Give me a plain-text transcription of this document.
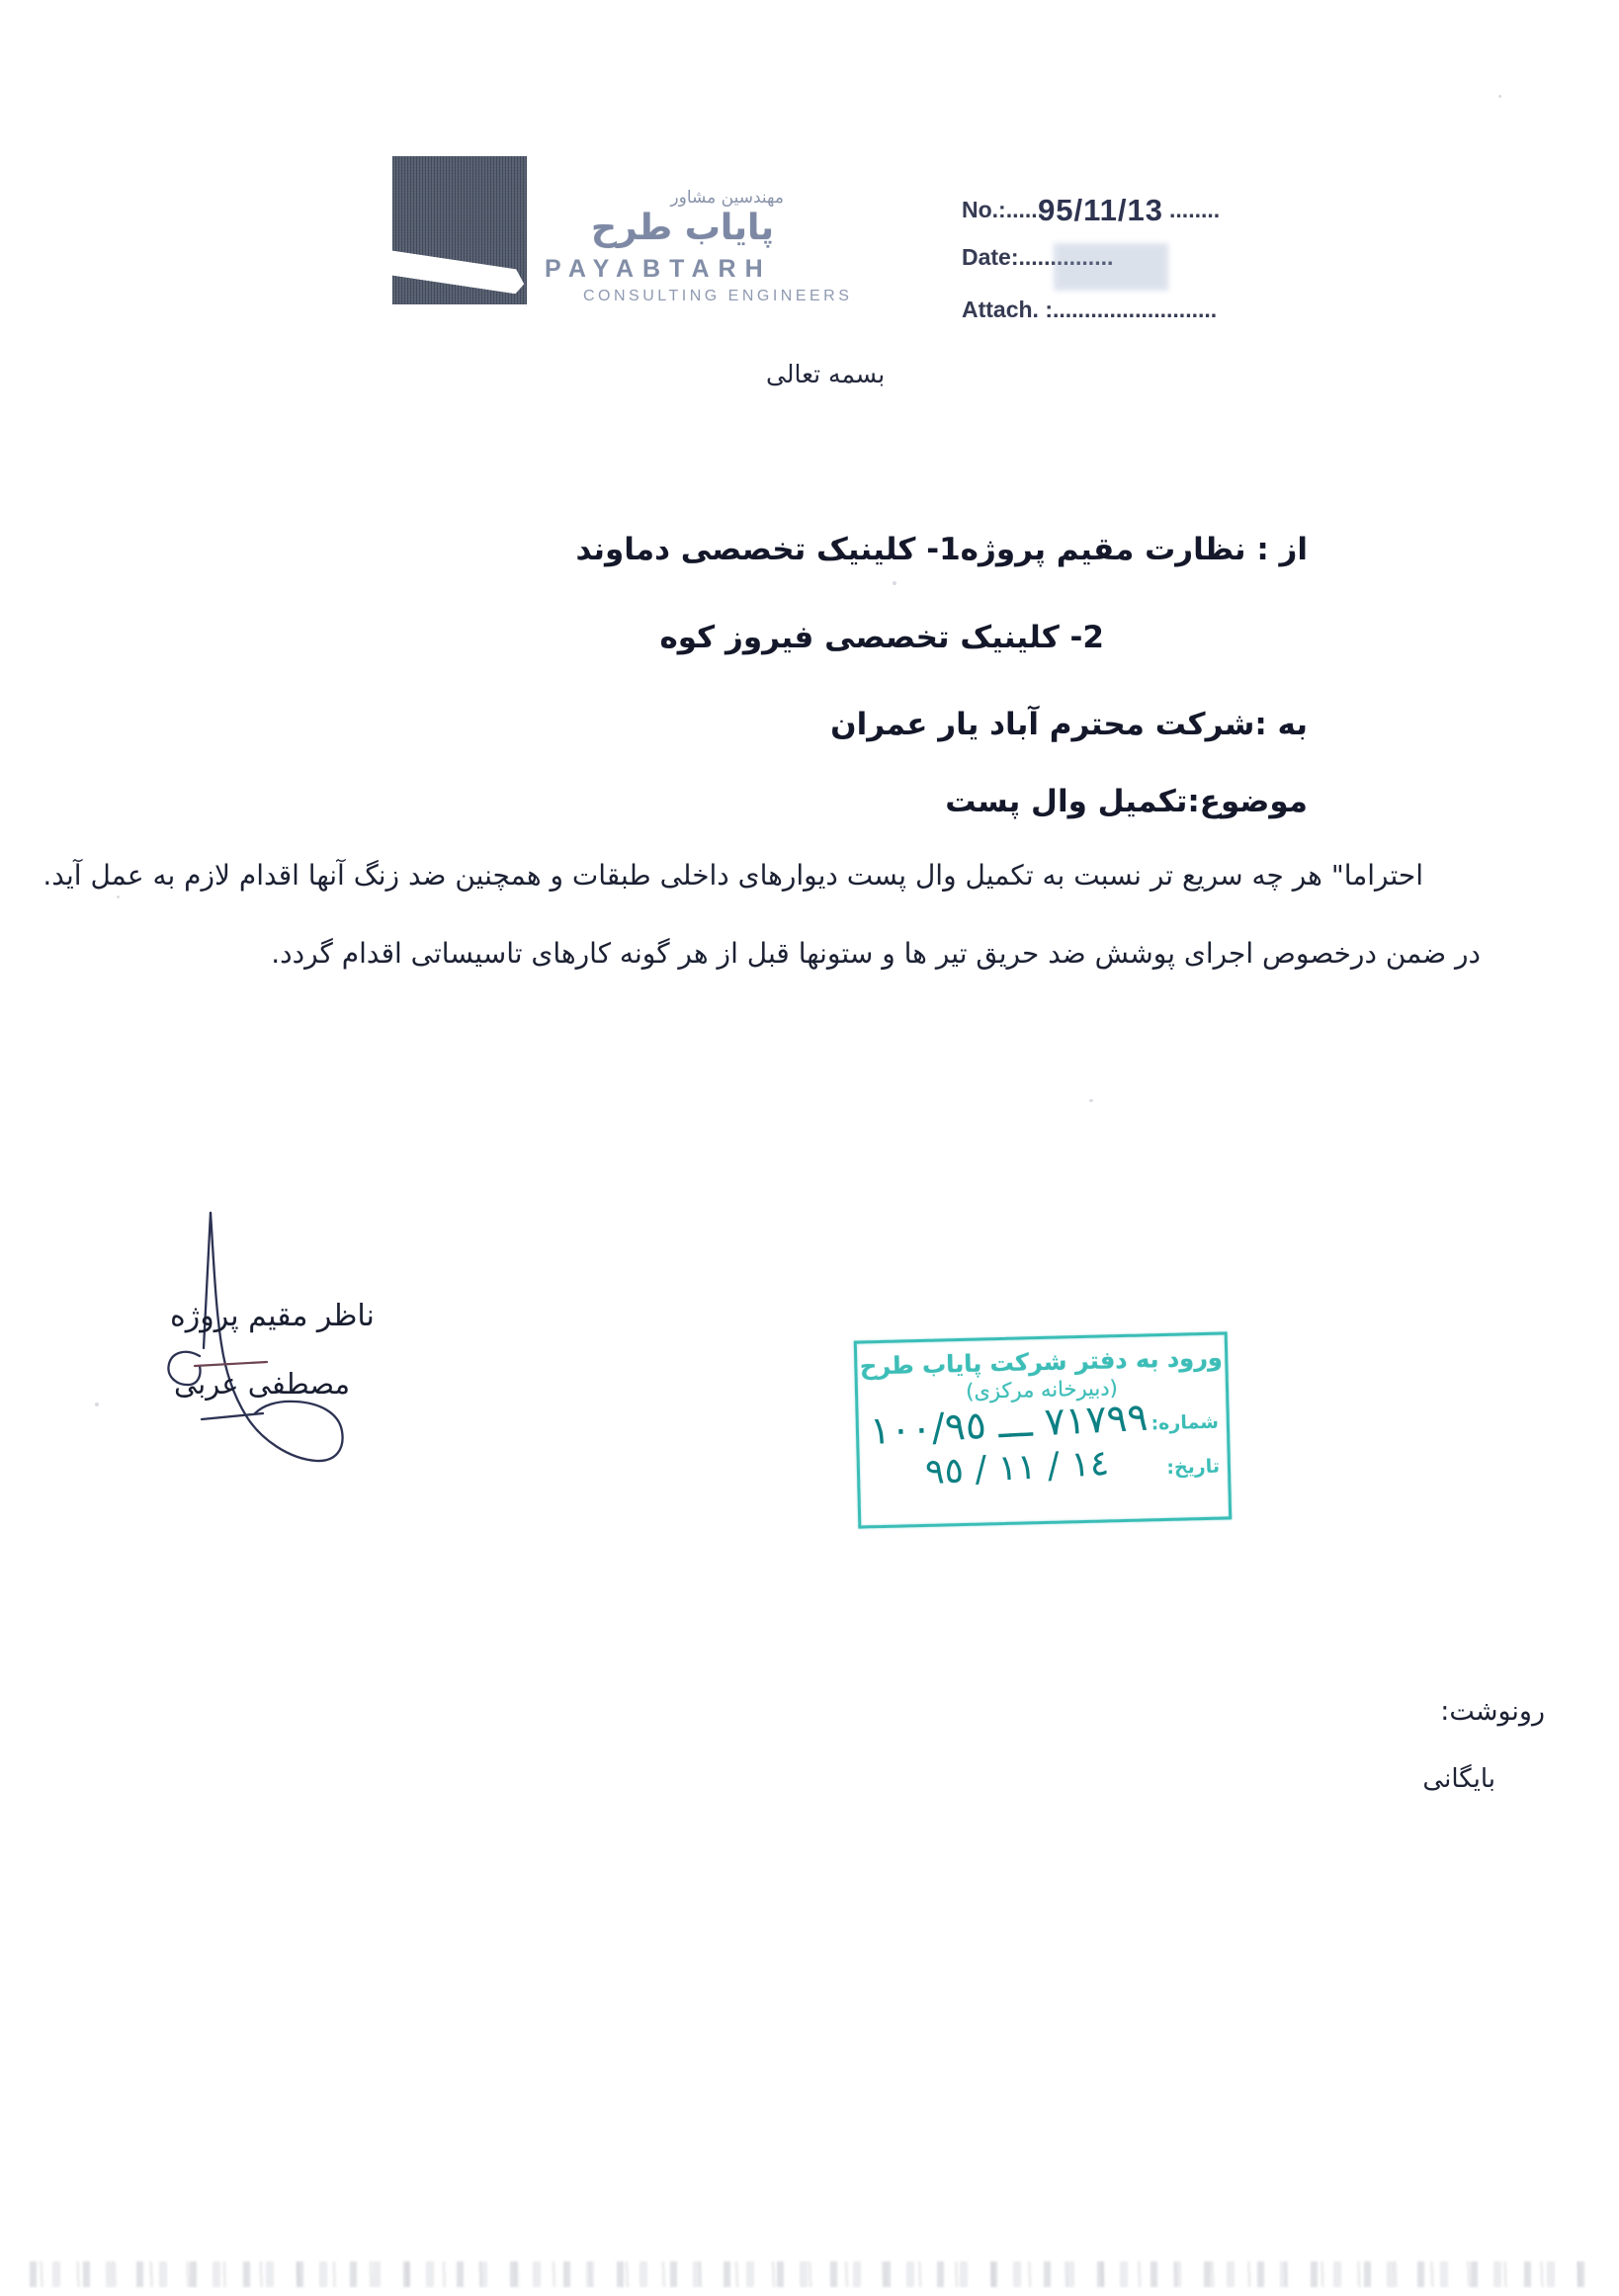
مهندسین مشاور
پایاب طرح
PAYABTARH
CONSULTING ENGINEERS
No.:......95/11/13 ........
Date:...............
Attach. :..........................
بسمه تعالی
از : نظارت مقیم پروژه1- کلینیک تخصصی دماوند
2- کلینیک تخصصی فیروز کوه
به :شرکت محترم آباد یار عمران
موضوع:تکمیل وال پست
احتراما" هر چه سریع تر نسبت به تکمیل وال پست دیوارهای داخلی طبقات و همچنین ضد زنگ آنها اقدام لازم به عمل آید.
در ضمن درخصوص اجرای پوشش ضد حریق تیر ها و ستونها قبل از هر گونه کارهای تاسیساتی اقدام گردد.
ناظر مقیم پروژه
مصطفی عربی
ورود به دفتر شرکت پایاب طرح
(دبیرخانه مرکزی)
شماره:
١٠٠/٩٥ ـــ ٧١٧٩٩
تاریخ:
٩٥ / ١١ / ١٤
رونوشت:
بایگانی
